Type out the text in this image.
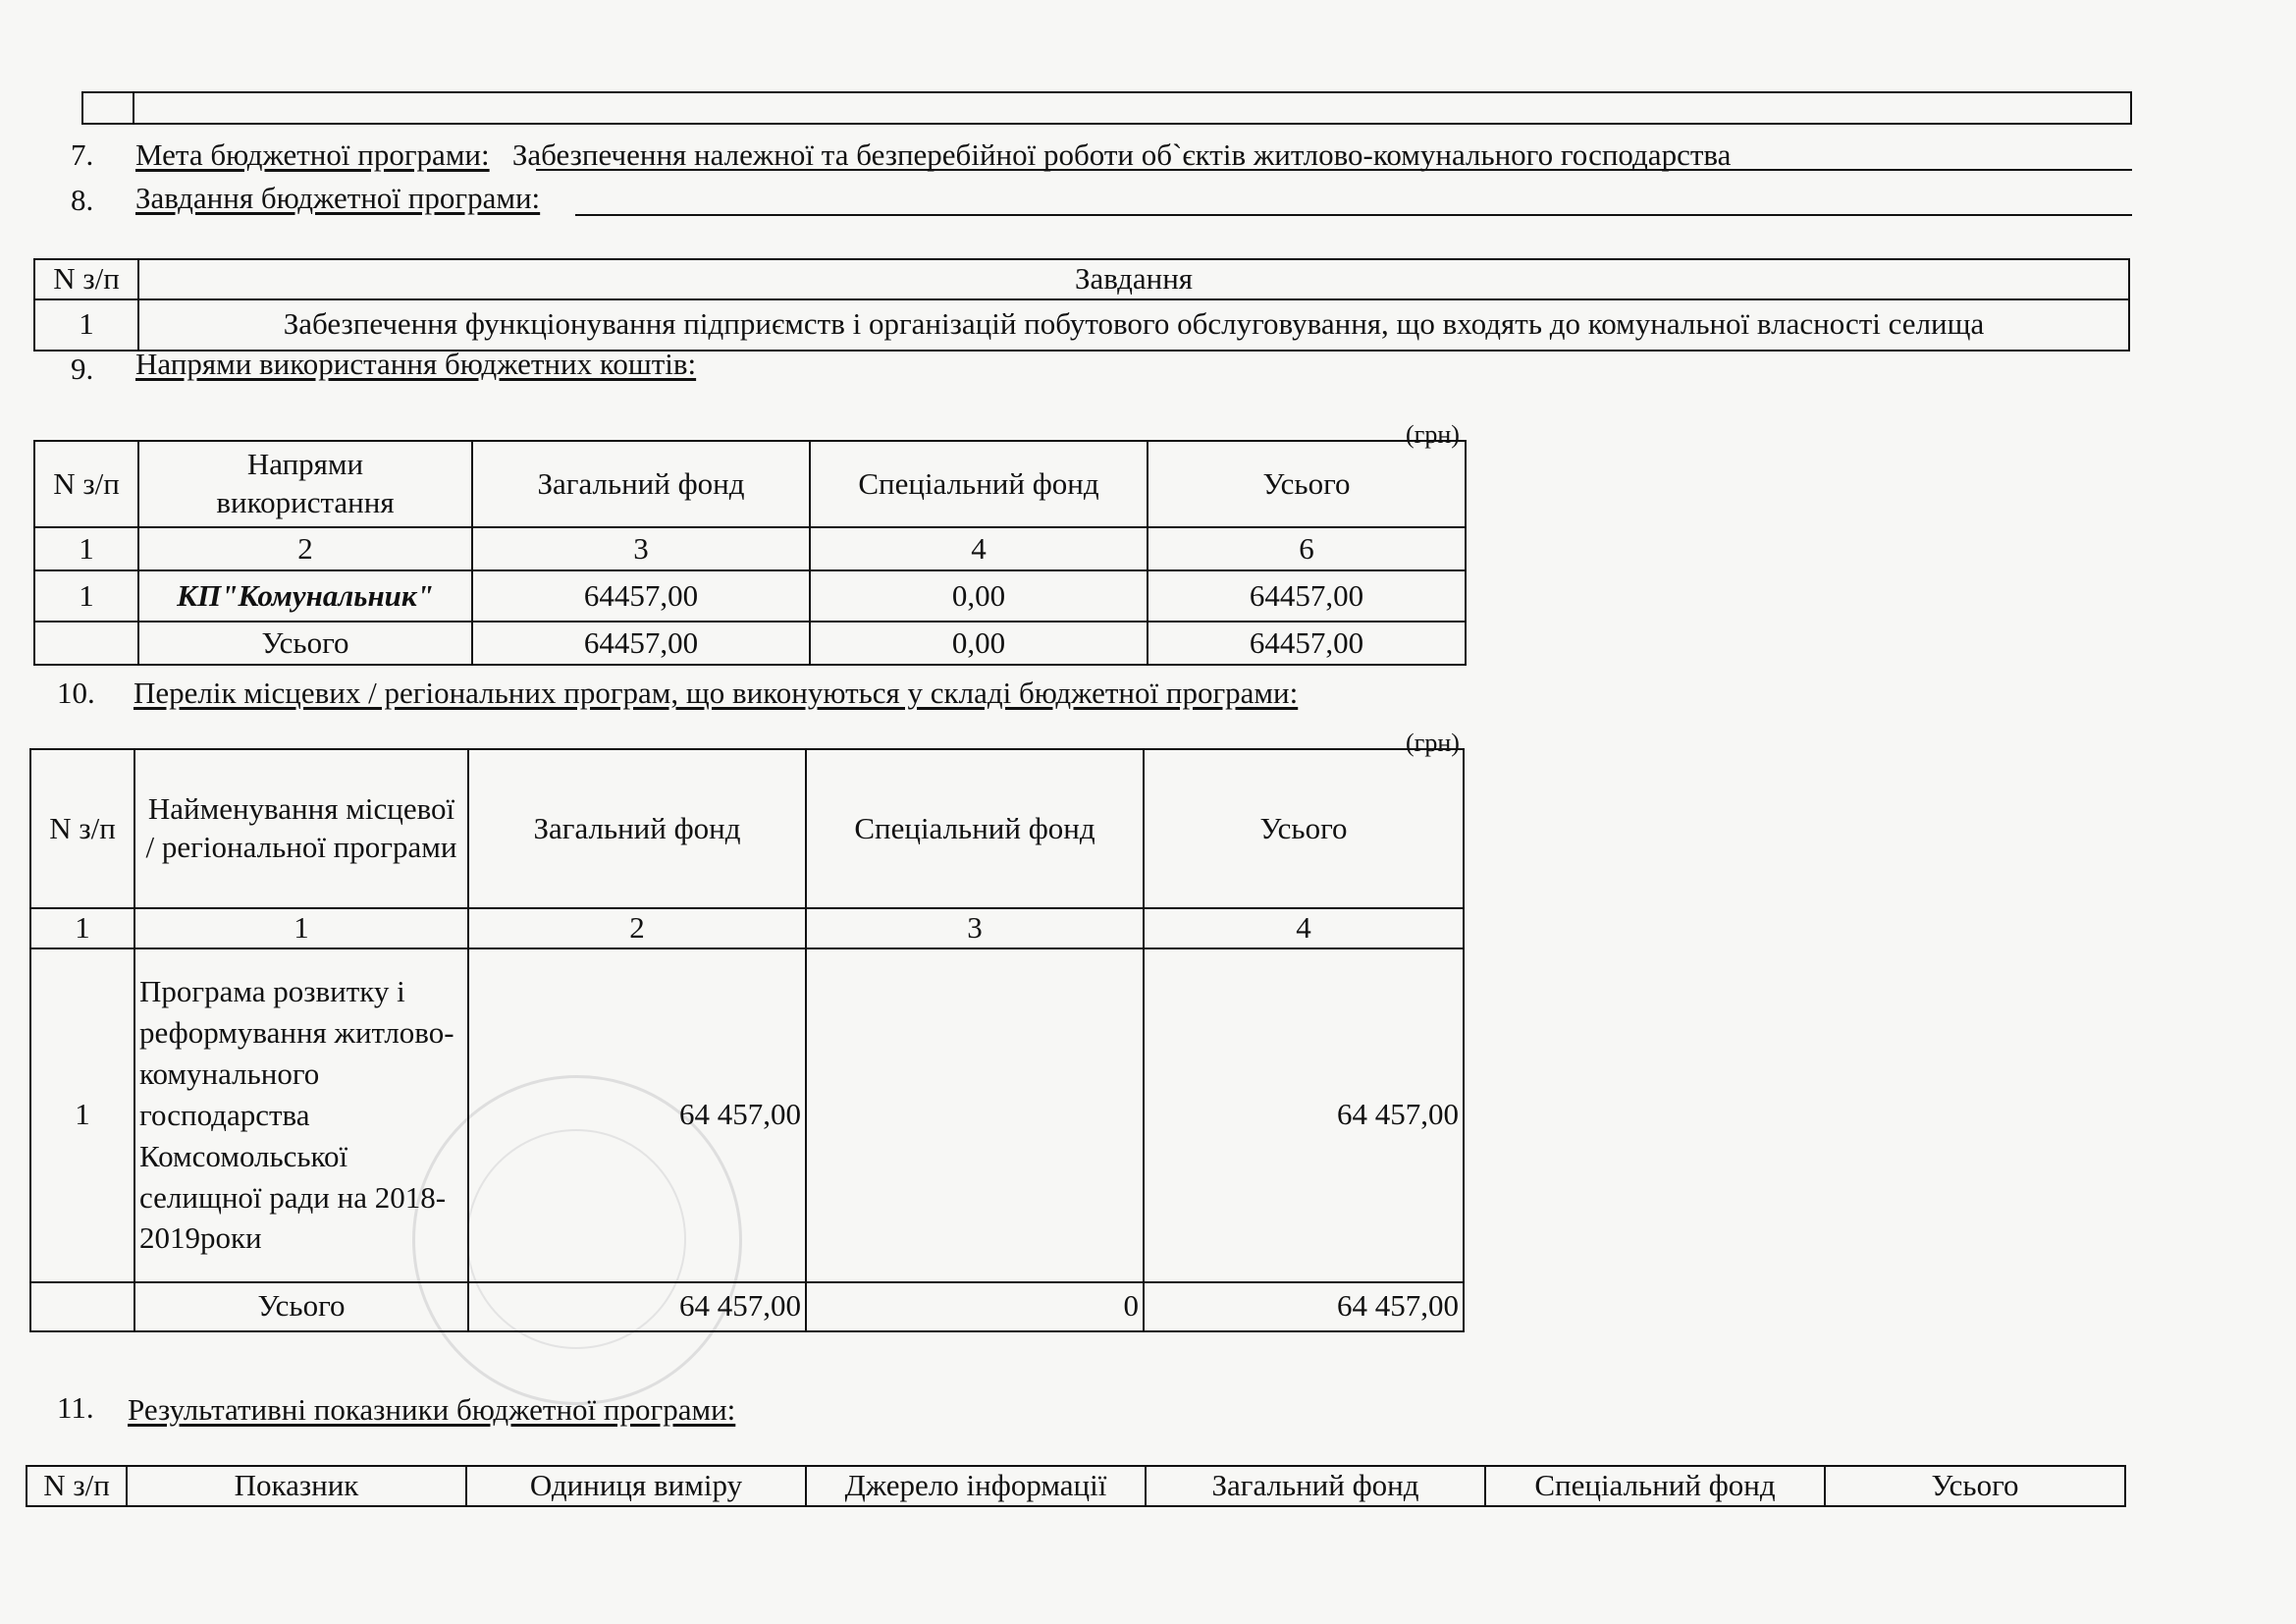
7. Мета бюджетної програми: Забезпечення належної та безперебійної роботи об`єктів житлово-комунального господарства
8. Завдання бюджетної програми:
N з/п	Завдання
1	Забезпечення функціонування підприємств і організацій побутового обслуговування, що входять до комунальної власності селища
9. Напрями використання бюджетних коштів:
(грн)
N з/п	Напрями використання	Загальний фонд	Спеціальний фонд	Усього
1	2	3	4	6
1	КП"Комунальник"	64457,00	0,00	64457,00
	Усього	64457,00	0,00	64457,00
10. Перелік місцевих / регіональних програм, що виконуються у складі бюджетної програми:
(грн)
N з/п	Найменування місцевої / регіональної програми	Загальний фонд	Спеціальний фонд	Усього
1	1	2	3	4
1	Програма розвитку і реформування житлово-комунального господарства Комсомольської селищної ради на 2018-2019роки	64 457,00		64 457,00
	Усього	64 457,00	0	64 457,00
11. Результативні показники бюджетної програми:
N з/п	Показник	Одиниця виміру	Джерело інформації	Загальний фонд	Спеціальний фонд	Усього
